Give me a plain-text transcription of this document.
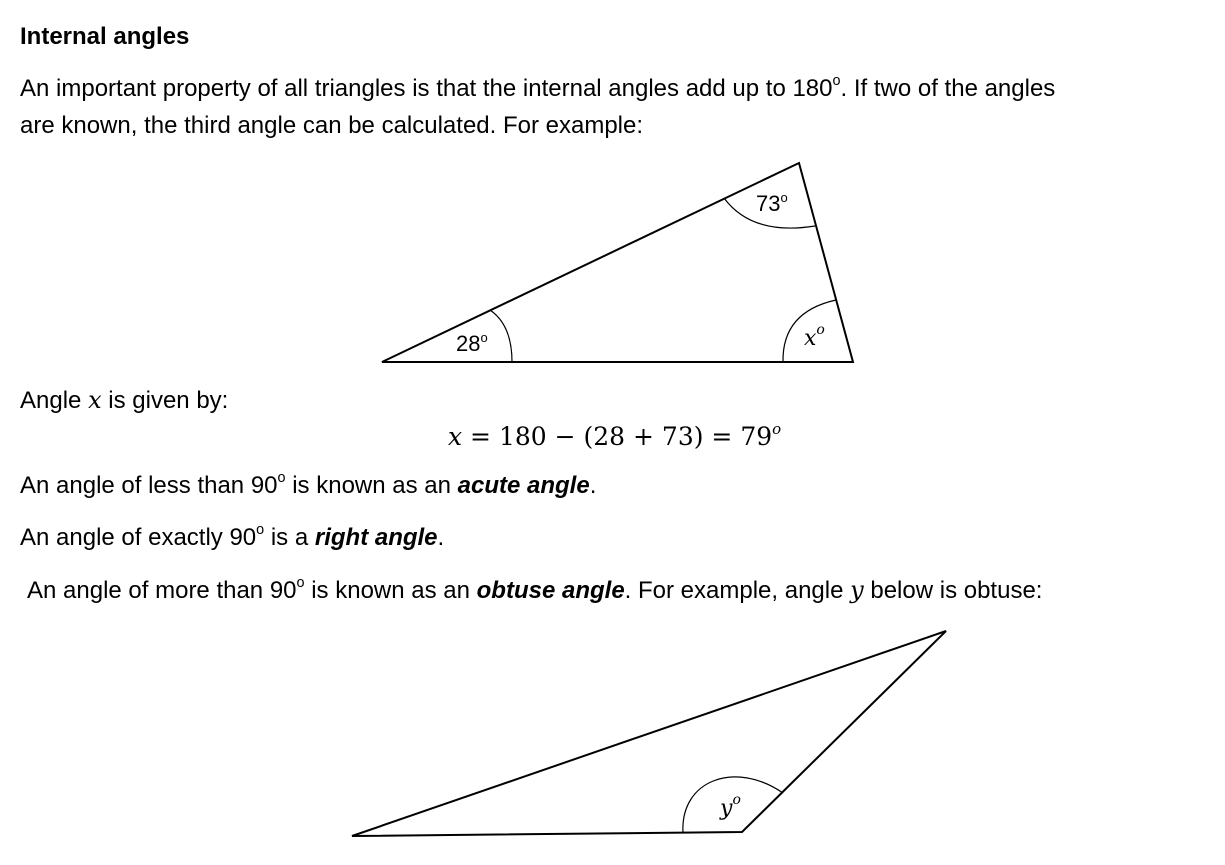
Internal angles
An important property of all triangles is that the internal angles add up to 180$^o$. If two of the angles
are known, the third angle can be calculated. For example:
73$^o$
28$^o$	$x^o$
Angle x is given by:
$x = 180 - (28 + 73) = 79^o$
An angle of less than 90$^o$ is known as an acute angle.
An angle of exactly 90$^o$ is a right angle.
An angle of more than 90$^o$ is known as an obtuse angle. For example, angle y below is obtuse:
$y^o$
